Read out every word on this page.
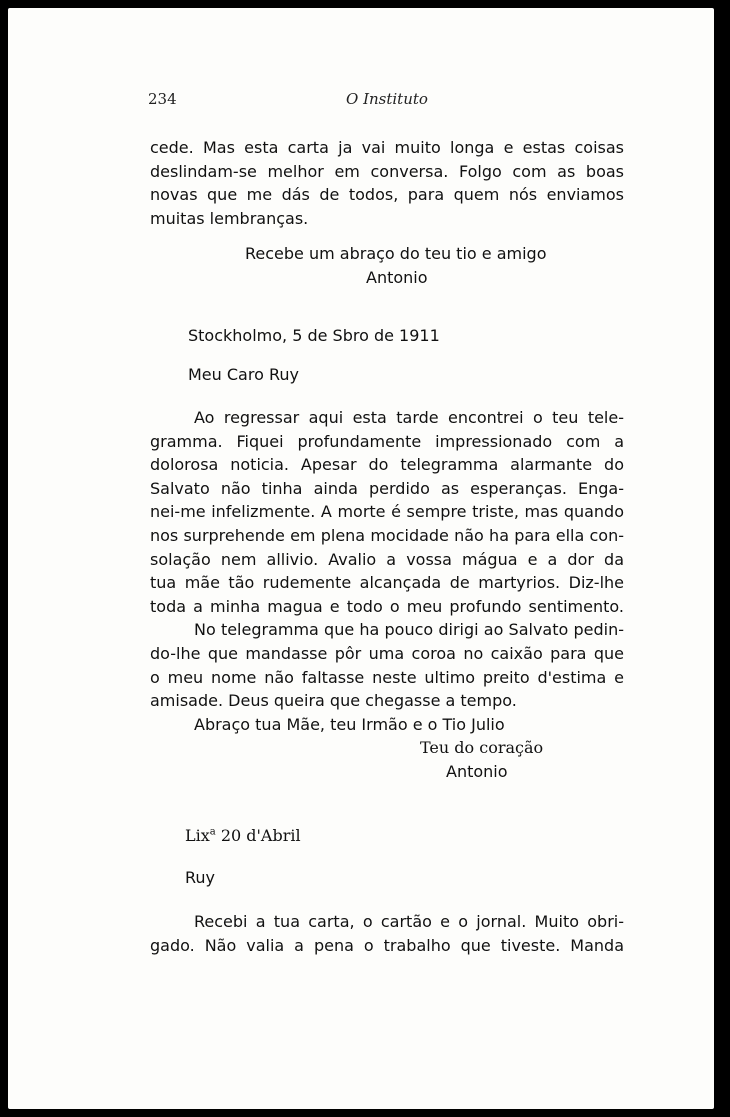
234	O Instituto
cede. Mas esta carta ja vai muito longa e estas coisas
deslindam-se melhor em conversa. Folgo com as boas
novas que me dás de todos, para quem nós enviamos
muitas lembranças.
Recebe um abraço do teu tio e amigo
Antonio
Stockholmo, 5 de Sbro de 1911
Meu Caro Ruy
Ao regressar aqui esta tarde encontrei o teu tele-
gramma. Fiquei profundamente impressionado com a
dolorosa noticia. Apesar do telegramma alarmante do
Salvato não tinha ainda perdido as esperanças. Enga-
nei-me infelizmente. A morte é sempre triste, mas quando
nos surprehende em plena mocidade não ha para ella con-
solação nem allivio. Avalio a vossa mágua e a dor da
tua mãe tão rudemente alcançada de martyrios. Diz-lhe
toda a minha magua e todo o meu profundo sentimento.
No telegramma que ha pouco dirigi ao Salvato pedin-
do-lhe que mandasse pôr uma coroa no caixão para que
o meu nome não faltasse neste ultimo preito d'estima e
amisade. Deus queira que chegasse a tempo.
Abraço tua Mãe, teu Irmão e o Tio Julio
Teu do coração
Antonio
Lix$^a$ 20 d'Abril
Ruy
Recebi a tua carta, o cartão e o jornal. Muito obri-
gado. Não valia a pena o trabalho que tiveste. Manda
